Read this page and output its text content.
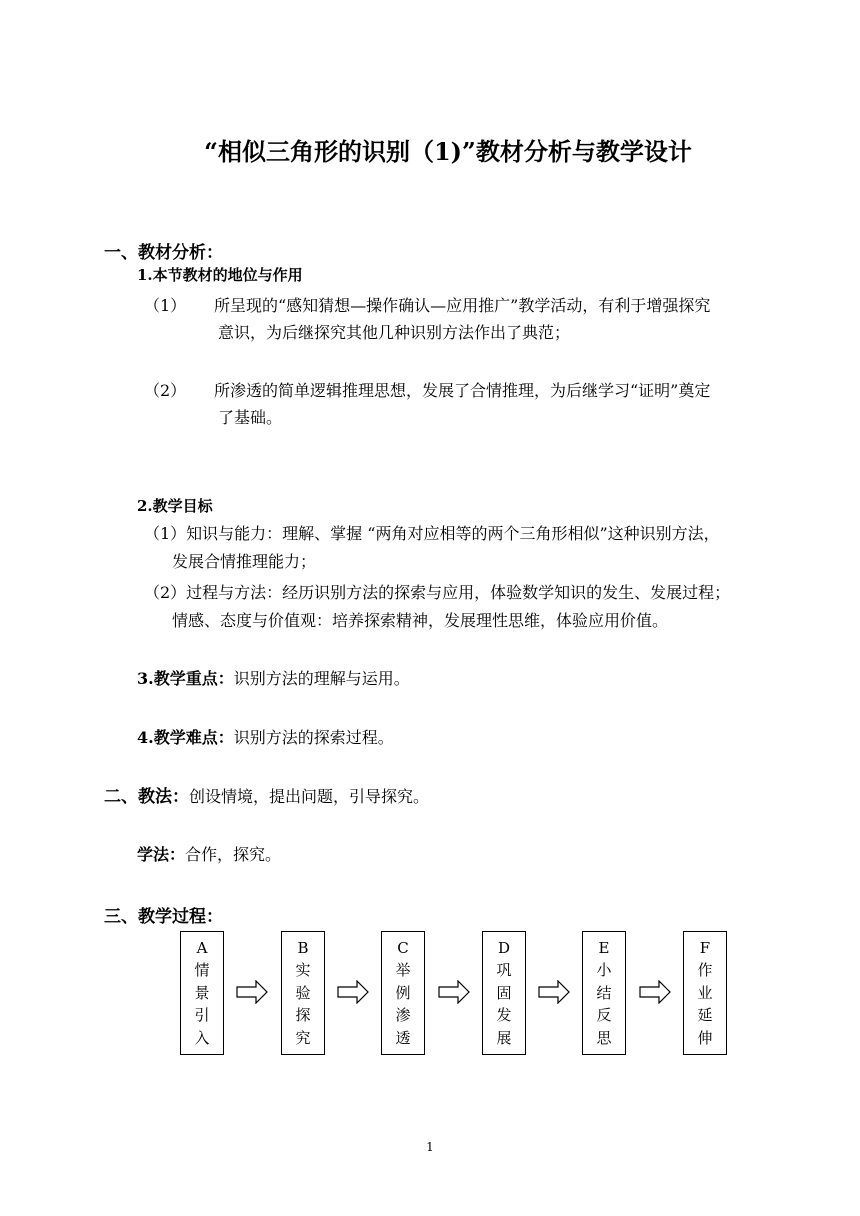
“相似三角形的识别（1)”教材分析与教学设计
一、教材分析：
1.本节教材的地位与作用
（1） 所呈现的“感知猜想—操作确认—应用推广”教学活动，有利于增强探究
意识，为后继探究其他几种识别方法作出了典范；
（2） 所渗透的简单逻辑推理思想，发展了合情推理，为后继学习“证明”奠定
了基础。
2.教学目标
（1）知识与能力：理解、掌握 “两角对应相等的两个三角形相似”这种识别方法，
发展合情推理能力；
（2）过程与方法：经历识别方法的探索与应用，体验数学知识的发生、发展过程；
情感、态度与价值观：培养探索精神，发展理性思维，体验应用价值。
3.教学重点：识别方法的理解与运用。
4.教学难点：识别方法的探索过程。
二、教法：创设情境，提出问题，引导探究。
学法：合作，探究。
三、教学过程：
A
情
景
引
入
B
实
验
探
究
C
举
例
渗
透
D
巩
固
发
展
E
小
结
反
思
F
作
业
延
伸
1
